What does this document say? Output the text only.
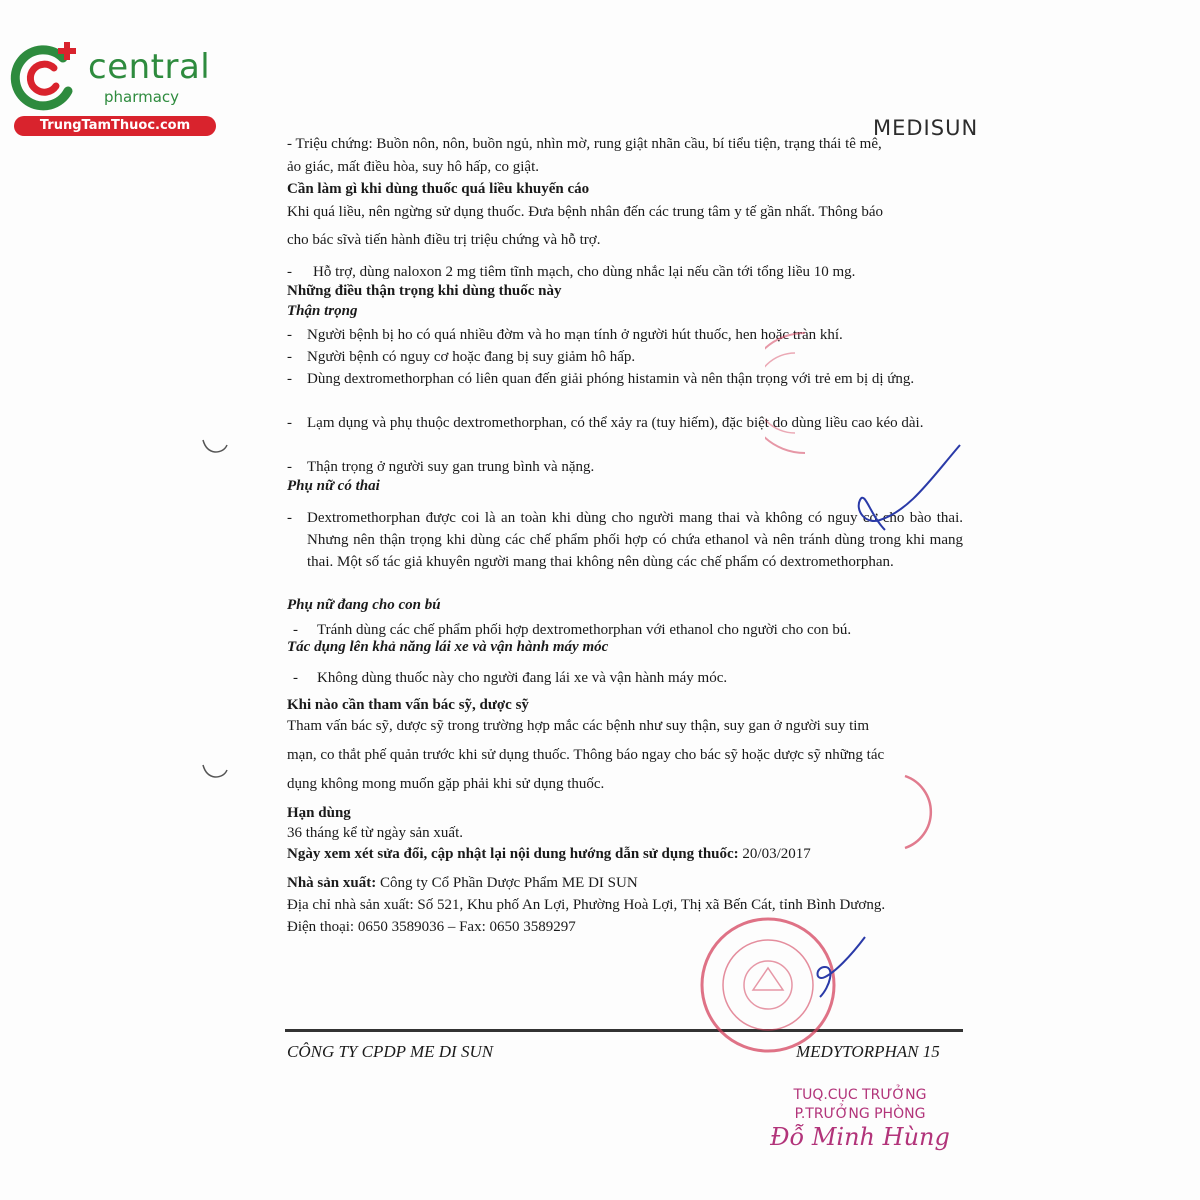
central
pharmacy
TrungTamThuoc.com	MEDISUN
- Triệu chứng: Buồn nôn, nôn, buồn ngủ, nhìn mờ, rung giật nhãn cầu, bí tiểu tiện, trạng thái tê mê,
ảo giác, mất điều hòa, suy hô hấp, co giật.
Cần làm gì khi dùng thuốc quá liều khuyến cáo
Khi quá liều, nên ngừng sử dụng thuốc. Đưa bệnh nhân đến các trung tâm y tế gần nhất. Thông báo
cho bác sĩvà tiến hành điều trị triệu chứng và hỗ trợ.
- Hỗ trợ, dùng naloxon 2 mg tiêm tĩnh mạch, cho dùng nhắc lại nếu cần tới tổng liều 10 mg.
Những điều thận trọng khi dùng thuốc này
Thận trọng
- Người bệnh bị ho có quá nhiều đờm và ho mạn tính ở người hút thuốc, hen hoặc tràn khí.
- Người bệnh có nguy cơ hoặc đang bị suy giảm hô hấp.
- Dùng dextromethorphan có liên quan đến giải phóng histamin và nên thận trọng với trẻ em bị dị ứng.
- Lạm dụng và phụ thuộc dextromethorphan, có thể xảy ra (tuy hiếm), đặc biệt do dùng liều cao kéo dài.
- Thận trọng ở người suy gan trung bình và nặng.
Phụ nữ có thai
- Dextromethorphan được coi là an toàn khi dùng cho người mang thai và không có nguy cơ cho bào thai. Nhưng nên thận trọng khi dùng các chế phẩm phối hợp có chứa ethanol và nên tránh dùng trong khi mang thai. Một số tác giả khuyên người mang thai không nên dùng các chế phẩm có dextromethorphan.
Phụ nữ đang cho con bú
- Tránh dùng các chế phẩm phối hợp dextromethorphan với ethanol cho người cho con bú.
Tác dụng lên khả năng lái xe và vận hành máy móc
- Không dùng thuốc này cho người đang lái xe và vận hành máy móc.
Khi nào cần tham vấn bác sỹ, dược sỹ
Tham vấn bác sỹ, dược sỹ trong trường hợp mắc các bệnh như suy thận, suy gan ở người suy tim
mạn, co thắt phế quản trước khi sử dụng thuốc. Thông báo ngay cho bác sỹ hoặc dược sỹ những tác
dụng không mong muốn gặp phải khi sử dụng thuốc.
Hạn dùng
36 tháng kể từ ngày sản xuất.
Ngày xem xét sửa đổi, cập nhật lại nội dung hướng dẫn sử dụng thuốc: 20/03/2017
Nhà sản xuất: Công ty Cổ Phần Dược Phẩm ME DI SUN
Địa chỉ nhà sản xuất: Số 521, Khu phố An Lợi, Phường Hoà Lợi, Thị xã Bến Cát, tỉnh Bình Dương.
Điện thoại: 0650 3589036 – Fax: 0650 3589297
CÔNG TY CPDP ME DI SUN	MEDYTORPHAN 15
TUQ.CỤC TRƯỞNG
P.TRƯỞNG PHÒNG
Đỗ Minh Hùng
